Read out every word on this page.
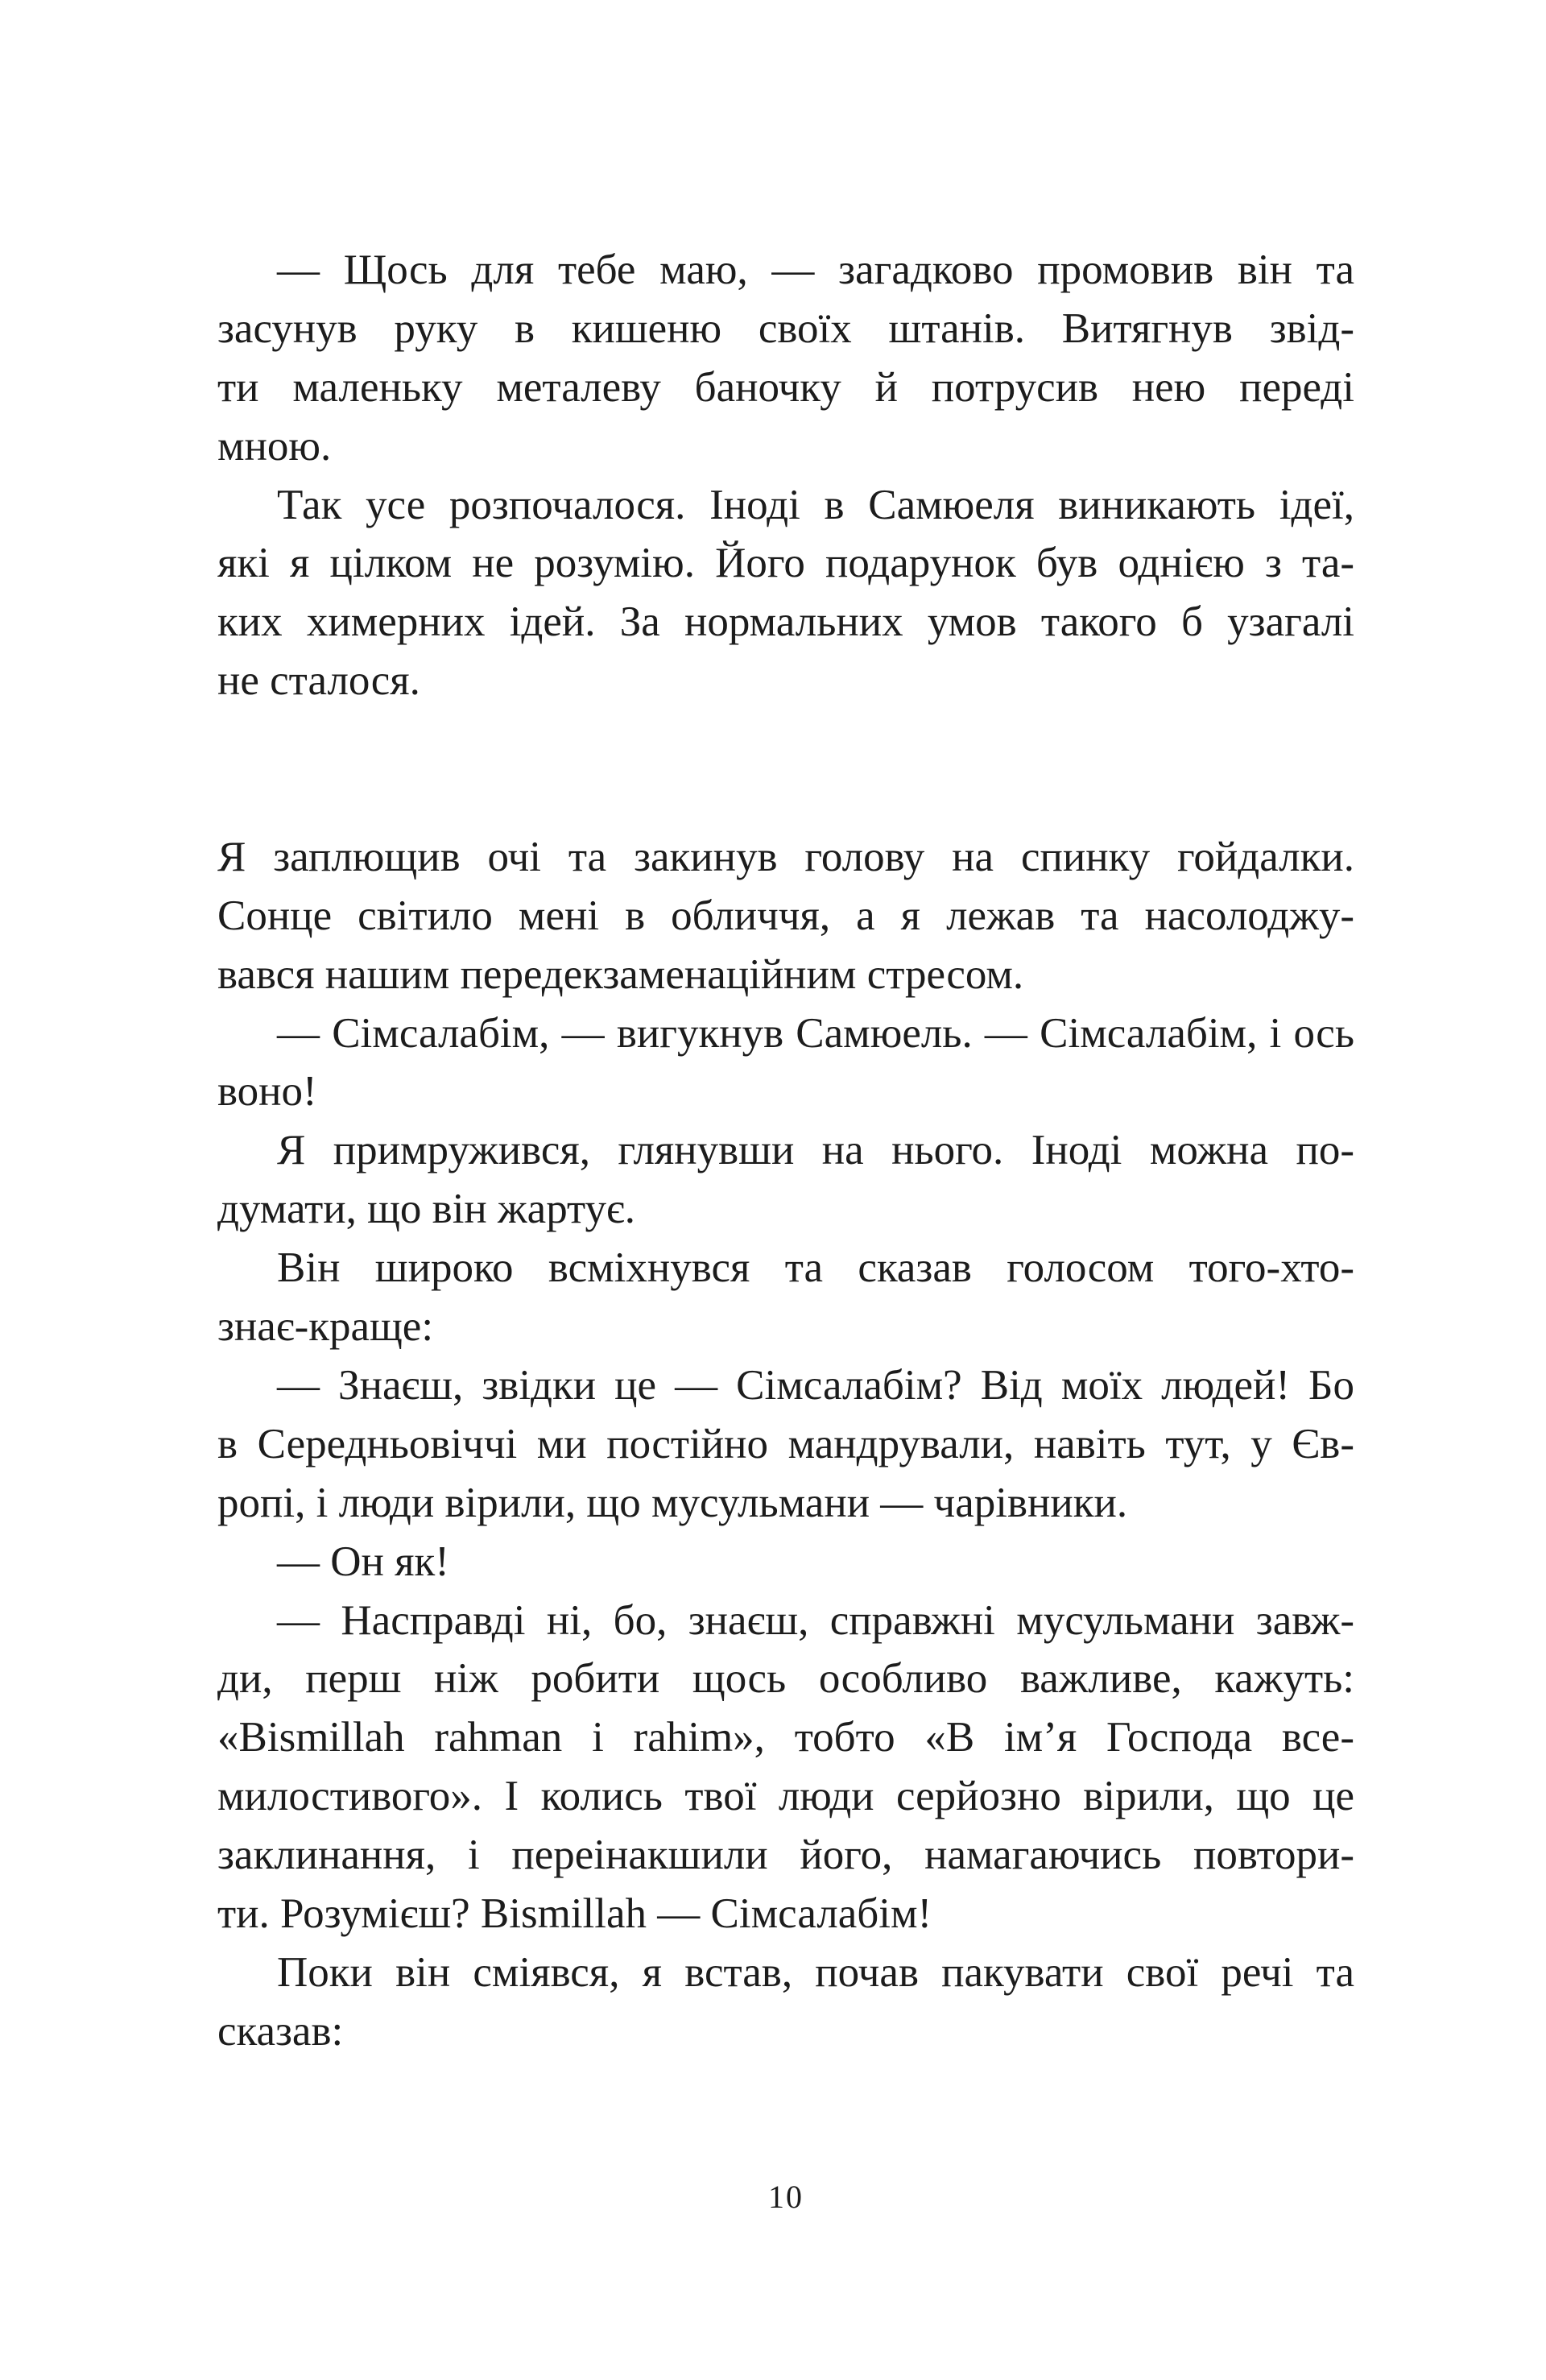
— Щось для тебе маю, — загадково промовив він та
засунув руку в кишеню своїх штанів. Витягнув звід-
ти маленьку металеву баночку й потрусив нею переді
мною.
Так усе розпочалося. Іноді в Самюеля виникають ідеї,
які я цілком не розумію. Його подарунок був однією з та-
ких химерних ідей. За нормальних умов такого б узагалі
не сталося.
Я заплющив очі та закинув голову на спинку гойдалки.
Сонце світило мені в обличчя, а я лежав та насолоджу-
вався нашим передекзаменаційним стресом.
— Сімсалабім, — вигукнув Самюель. — Сімсалабім, і ось
воно!
Я примружився, глянувши на нього. Іноді можна по-
думати, що він жартує.
Він широко всміхнувся та сказав голосом того-хто-
знає-краще:
— Знаєш, звідки це — Сімсалабім? Від моїх людей! Бо
в Середньовіччі ми постійно мандрували, навіть тут, у Єв-
ропі, і люди вірили, що мусульмани — чарівники.
— Он як!
— Насправді ні, бо, знаєш, справжні мусульмани завж-
ди, перш ніж робити щось особливо важливе, кажуть:
«Bismillah rahman i rahim», тобто «В ім’я Господа все-
милостивого». І колись твої люди серйозно вірили, що це
заклинання, і переінакшили його, намагаючись повтори-
ти. Розумієш? Bismillah — Сімсалабім!
Поки він сміявся, я встав, почав пакувати свої речі та
сказав:
10
